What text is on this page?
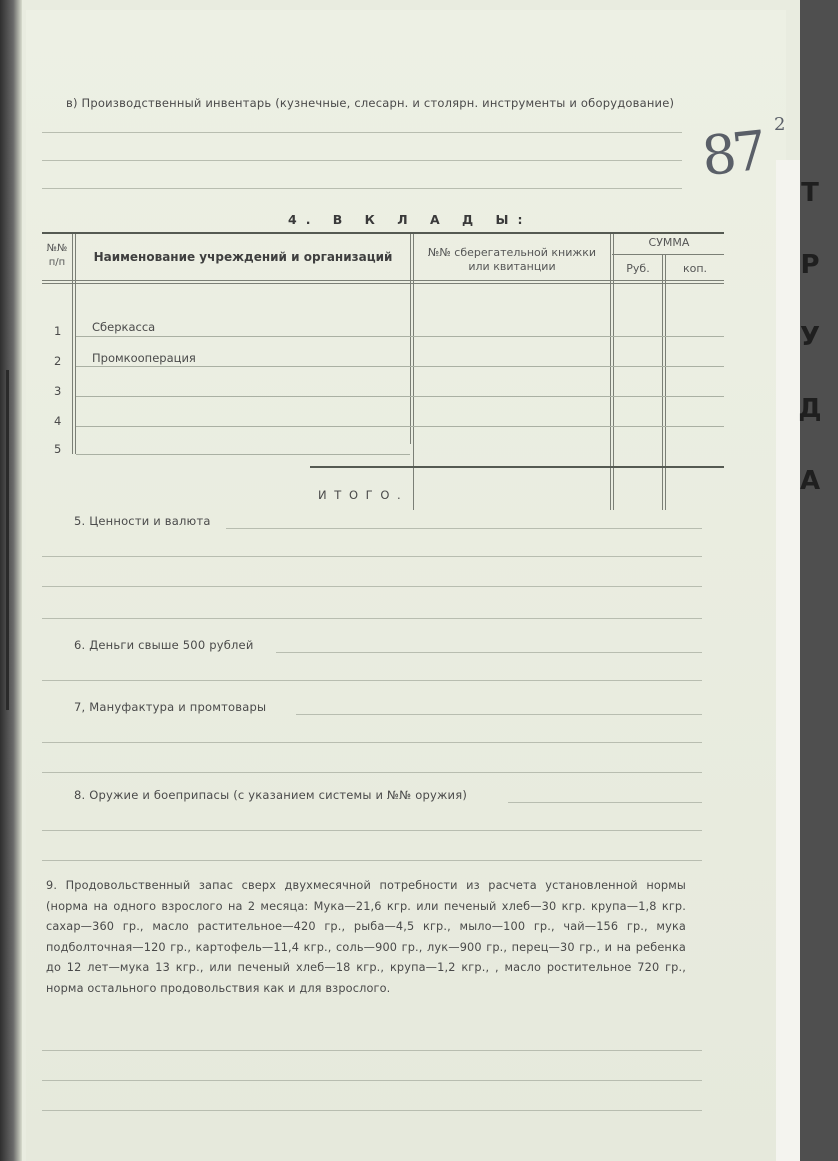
в) Производственный инвентарь (кузнечные, слесарн. и столярн. инструменты и оборудование)
87 2
4. В К Л А Д Ы:
№№
п/п	Наименование учреждений и организаций	№№ сберегательной книжки
или квитанции
СУММА
Руб.	коп.
1	Сберкасса
2	Промкооперация
3
4
5
И Т О Г О .
5. Ценности и валюта
6. Деньги свыше 500 рублей
7, Мануфактура и промтовары
8. Оружие и боеприпасы (с указанием системы и №№ оружия)
9. Продовольственный запас сверх двухмесячной потребности из расчета установленной нормы (норма на одного взрослого на 2 месяца: Мука—21,6 кгр. или печеный хлеб—30 кгр. крупа—1,8 кгр. сахар—360 гр., масло растительное—420 гр., рыба—4,5 кгр., мыло—100 гр., чай—156 гр., мука подболточная—120 гр., картофель—11,4 кгр., соль—900 гр., лук—900 гр., перец—30 гр., и на ребенка до 12 лет—мука 13 кгр., или печеный хлеб—18 кгр., крупа—1,2 кгр., , масло ростительное 720 гр., норма остального продовольствия как и для взрослого.
Т Р У Д А
